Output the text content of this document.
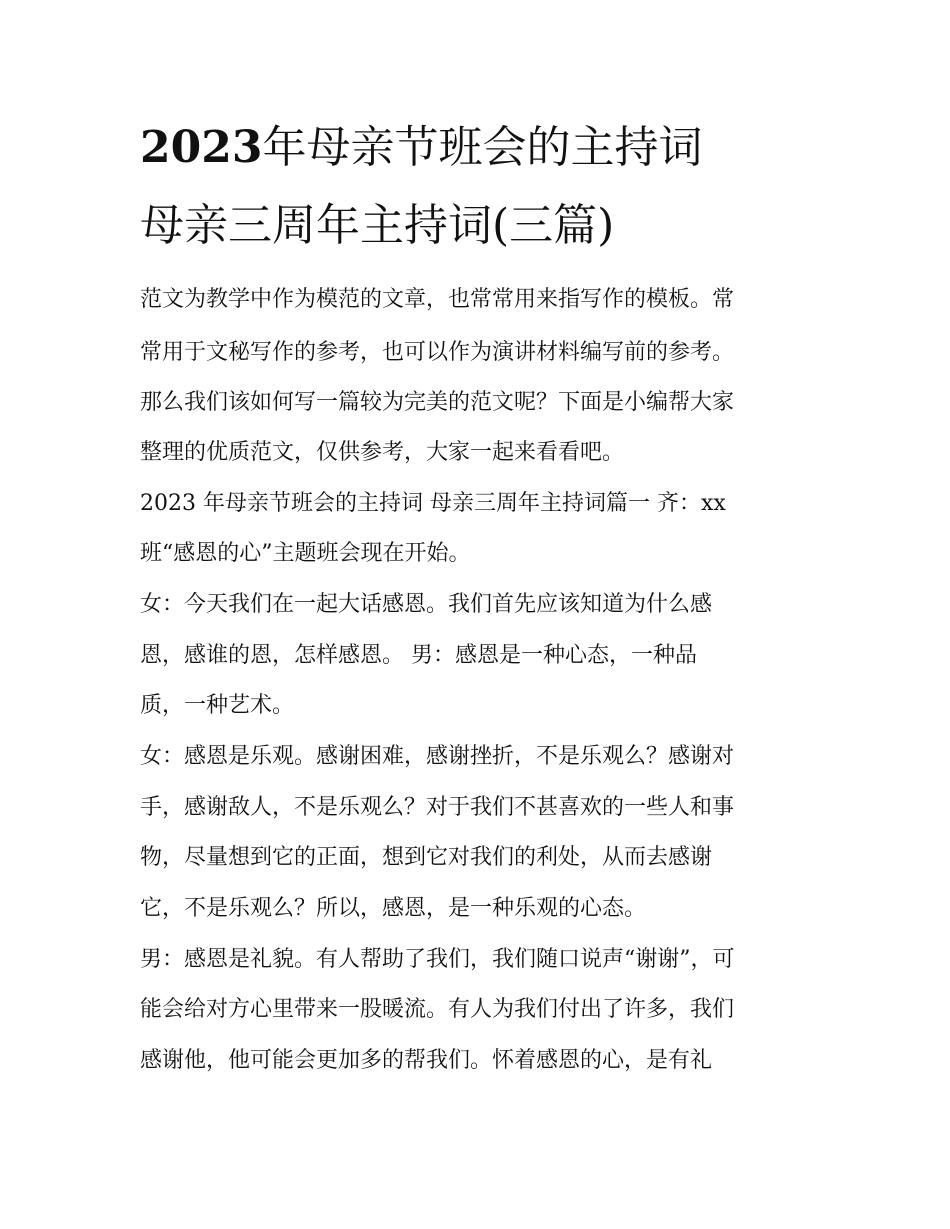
2023年母亲节班会的主持词
母亲三周年主持词(三篇)

范文为教学中作为模范的文章，也常常用来指写作的模板。常

常用于文秘写作的参考，也可以作为演讲材料编写前的参考。

那么我们该如何写一篇较为完美的范文呢？下面是小编帮大家

整理的优质范文，仅供参考，大家一起来看看吧。

2023 年母亲节班会的主持词 母亲三周年主持词篇一 齐：xx

班“感恩的心”主题班会现在开始。

女：今天我们在一起大话感恩。我们首先应该知道为什么感

恩，感谁的恩，怎样感恩。 男：感恩是一种心态，一种品

质，一种艺术。

女：感恩是乐观。感谢困难，感谢挫折，不是乐观么？感谢对

手，感谢敌人，不是乐观么？对于我们不甚喜欢的一些人和事

物，尽量想到它的正面，想到它对我们的利处，从而去感谢

它，不是乐观么？所以，感恩，是一种乐观的心态。

男：感恩是礼貌。有人帮助了我们，我们随口说声“谢谢”，可

能会给对方心里带来一股暖流。有人为我们付出了许多，我们

感谢他，他可能会更加多的帮我们。怀着感恩的心，是有礼
